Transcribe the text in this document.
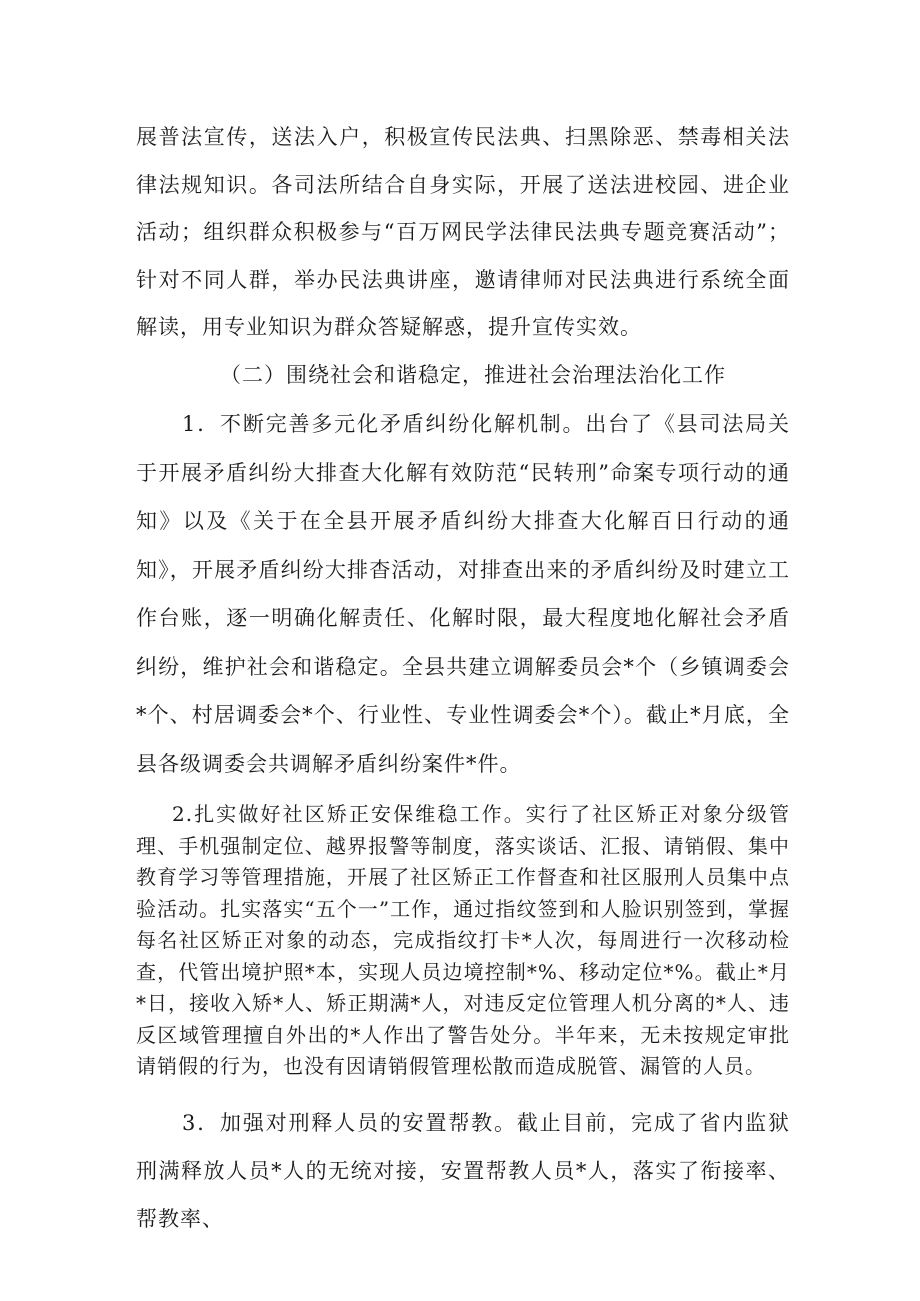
展普法宣传，送法入户，积极宣传民法典、扫黑除恶、禁毒相关法律法规知识。各司法所结合自身实际，开展了送法进校园、进企业活动；组织群众积极参与“百万网民学法律民法典专题竞赛活动”；针对不同人群，举办民法典讲座，邀请律师对民法典进行系统全面解读，用专业知识为群众答疑解惑，提升宣传实效。

（二）围绕社会和谐稳定，推进社会治理法治化工作

1．不断完善多元化矛盾纠纷化解机制。出台了《县司法局关于开展矛盾纠纷大排查大化解有效防范“民转刑”命案专项行动的通知》以及《关于在全县开展矛盾纠纷大排查大化解百日行动的通知》，开展矛盾纠纷大排杳活动，对排查出来的矛盾纠纷及时建立工作台账，逐一明确化解责任、化解时限，最大程度地化解社会矛盾纠纷，维护社会和谐稳定。全县共建立调解委员会*个（乡镇调委会*个、村居调委会*个、行业性、专业性调委会*个）。截止*月底，全县各级调委会共调解矛盾纠纷案件*件。

2.扎实做好社区矫正安保维稳工作。实行了社区矫正对象分级管理、手机强制定位、越界报警等制度，落实谈话、汇报、请销假、集中教育学习等管理措施，开展了社区矫正工作督查和社区服刑人员集中点验活动。扎实落实“五个一”工作，通过指纹签到和人脸识别签到，掌握每名社区矫正对象的动态，完成指纹打卡*人次，每周进行一次移动检查，代管出境护照*本，实现人员边境控制*%、移动定位*%。截止*月*日，接收入矫*人、矫正期满*人，对违反定位管理人机分离的*人、违反区域管理擅自外出的*人作出了警告处分。半年来，无未按规定审批请销假的行为，也没有因请销假管理松散而造成脱管、漏管的人员。

3．加强对刑释人员的安置帮教。截止目前，完成了省内监狱刑满释放人员*人的无统对接，安置帮教人员*人，落实了衔接率、帮教率、
